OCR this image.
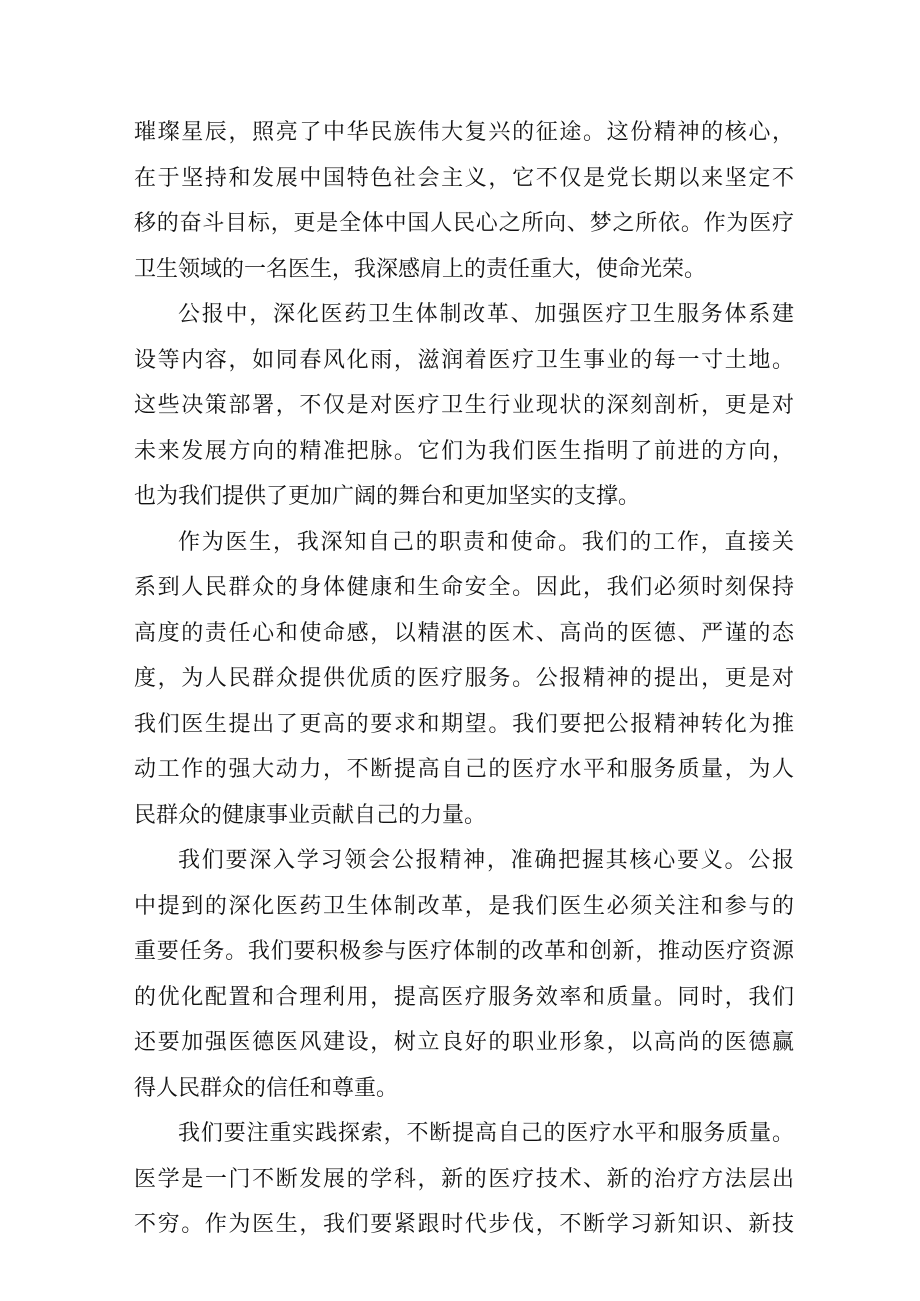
璀璨星辰，照亮了中华民族伟大复兴的征途。这份精神的核心，
在于坚持和发展中国特色社会主义，它不仅是党长期以来坚定不
移的奋斗目标，更是全体中国人民心之所向、梦之所依。作为医疗
卫生领域的一名医生，我深感肩上的责任重大，使命光荣。
公报中，深化医药卫生体制改革、加强医疗卫生服务体系建
设等内容，如同春风化雨，滋润着医疗卫生事业的每一寸土地。
这些决策部署，不仅是对医疗卫生行业现状的深刻剖析，更是对
未来发展方向的精准把脉。它们为我们医生指明了前进的方向，
也为我们提供了更加广阔的舞台和更加坚实的支撑。
作为医生，我深知自己的职责和使命。我们的工作，直接关
系到人民群众的身体健康和生命安全。因此，我们必须时刻保持
高度的责任心和使命感，以精湛的医术、高尚的医德、严谨的态
度，为人民群众提供优质的医疗服务。公报精神的提出，更是对
我们医生提出了更高的要求和期望。我们要把公报精神转化为推
动工作的强大动力，不断提高自己的医疗水平和服务质量，为人
民群众的健康事业贡献自己的力量。
我们要深入学习领会公报精神，准确把握其核心要义。公报
中提到的深化医药卫生体制改革，是我们医生必须关注和参与的
重要任务。我们要积极参与医疗体制的改革和创新，推动医疗资源
的优化配置和合理利用，提高医疗服务效率和质量。同时，我们
还要加强医德医风建设，树立良好的职业形象，以高尚的医德赢
得人民群众的信任和尊重。
我们要注重实践探索，不断提高自己的医疗水平和服务质量。
医学是一门不断发展的学科，新的医疗技术、新的治疗方法层出
不穷。作为医生，我们要紧跟时代步伐，不断学习新知识、新技
